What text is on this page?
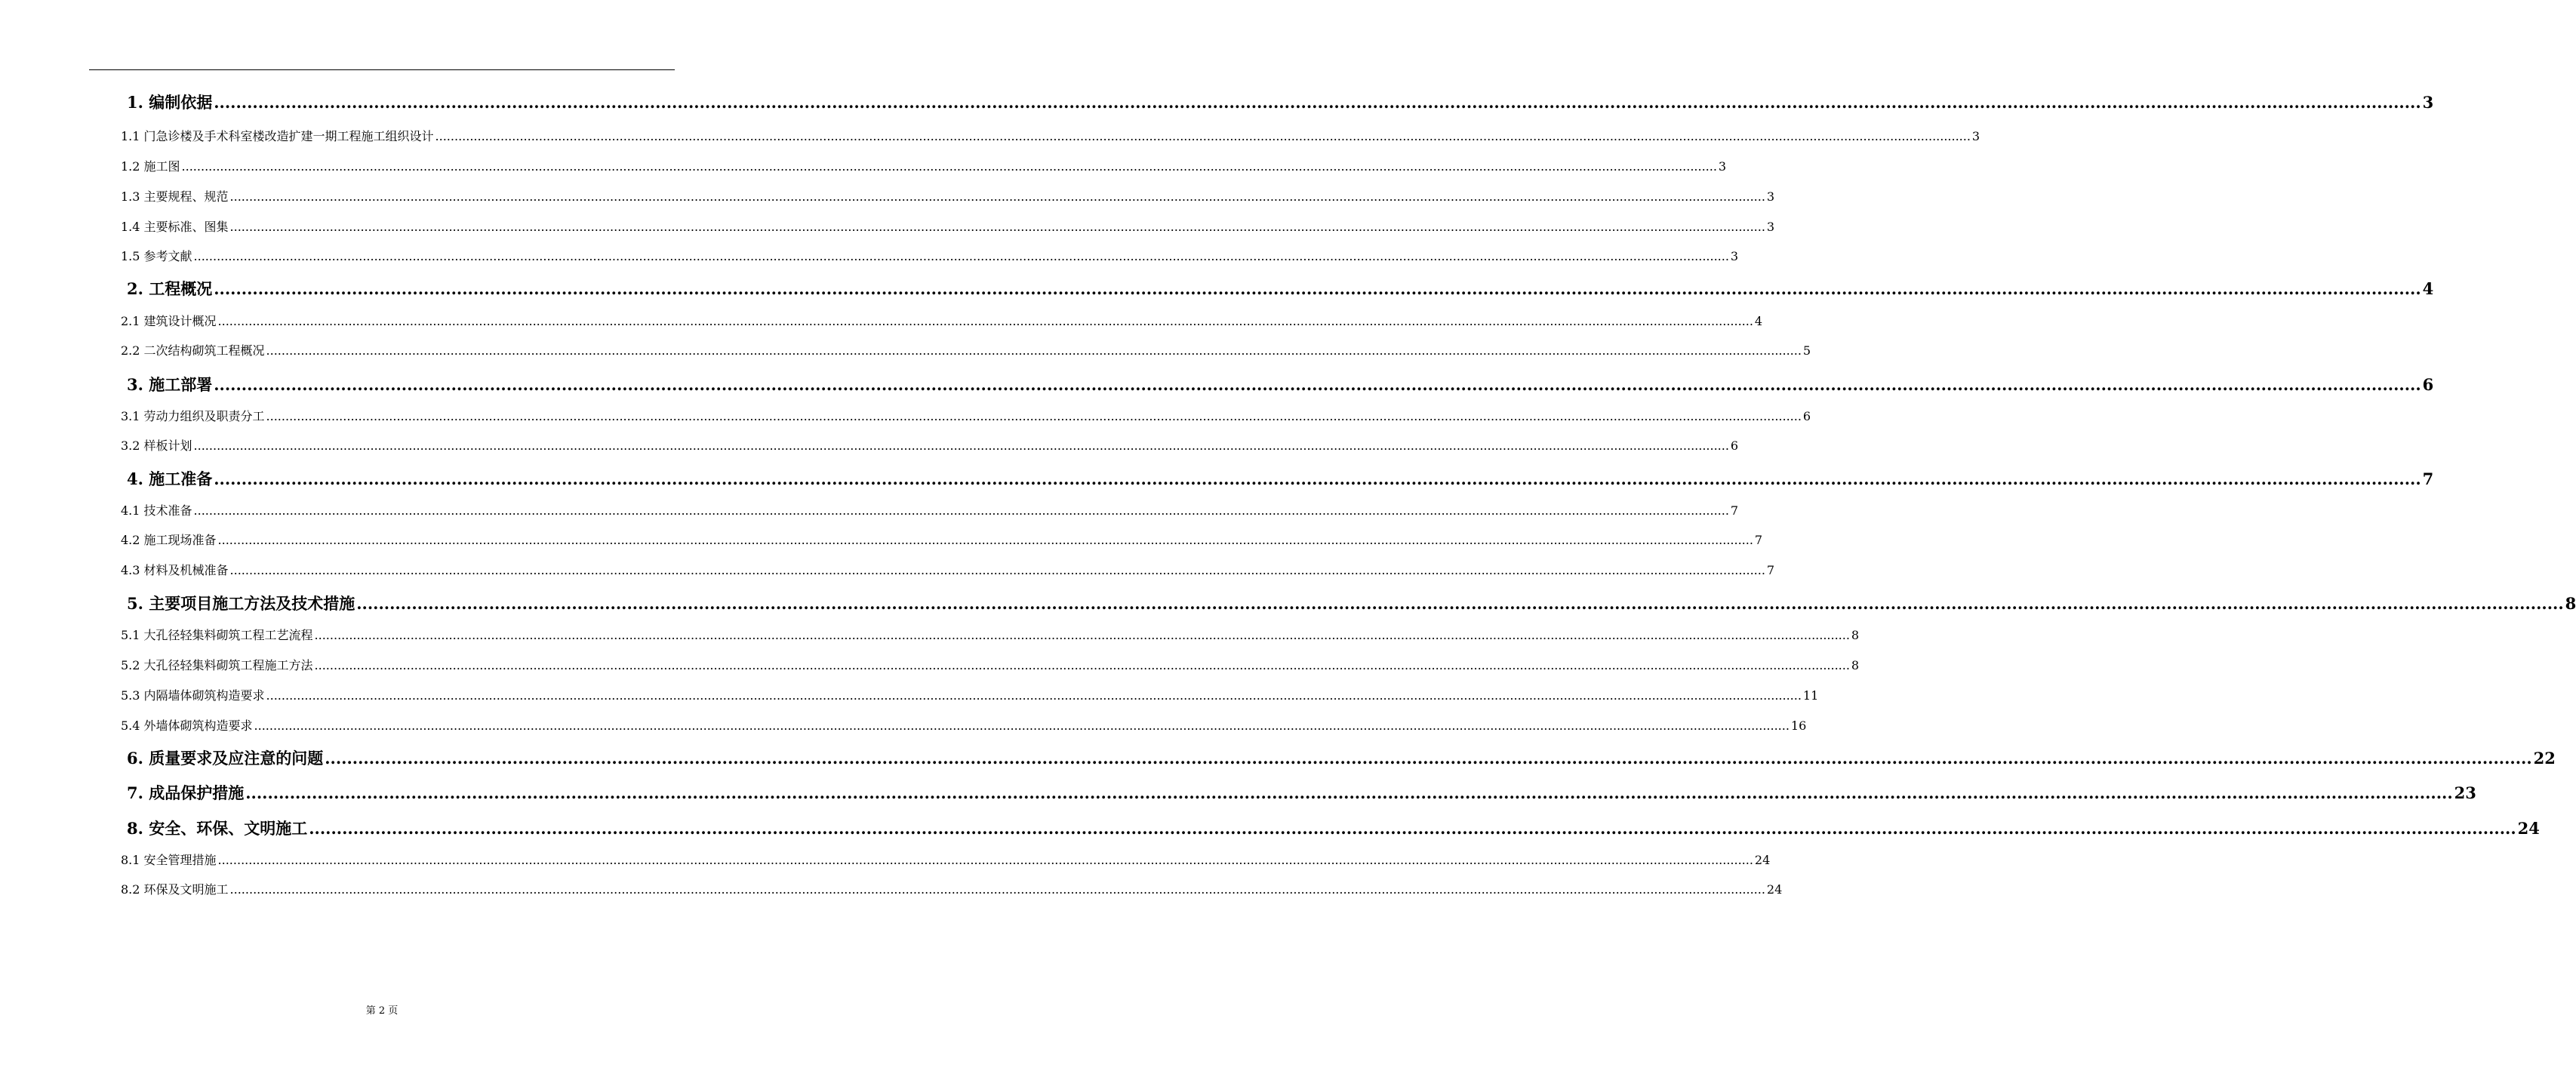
1. 编制依据 ................................................................................................................................................................................................................................................................................................................................................................................................................ 3
1.1 门急诊楼及手术科室楼改造扩建一期工程施工组织设计 ................................................................................................................................................................................................................................................................................................................................................................................................................ 3
1.2 施工图 ................................................................................................................................................................................................................................................................................................................................................................................................................ 3
1.3 主要规程、规范 ................................................................................................................................................................................................................................................................................................................................................................................................................ 3
1.4 主要标准、图集 ................................................................................................................................................................................................................................................................................................................................................................................................................ 3
1.5 参考文献 ................................................................................................................................................................................................................................................................................................................................................................................................................ 3
2. 工程概况 ................................................................................................................................................................................................................................................................................................................................................................................................................ 4
2.1 建筑设计概况 ................................................................................................................................................................................................................................................................................................................................................................................................................ 4
2.2 二次结构砌筑工程概况 ................................................................................................................................................................................................................................................................................................................................................................................................................ 5
3. 施工部署 ................................................................................................................................................................................................................................................................................................................................................................................................................ 6
3.1 劳动力组织及职责分工 ................................................................................................................................................................................................................................................................................................................................................................................................................ 6
3.2 样板计划 ................................................................................................................................................................................................................................................................................................................................................................................................................ 6
4. 施工准备 ................................................................................................................................................................................................................................................................................................................................................................................................................ 7
4.1 技术准备 ................................................................................................................................................................................................................................................................................................................................................................................................................ 7
4.2 施工现场准备 ................................................................................................................................................................................................................................................................................................................................................................................................................ 7
4.3 材料及机械准备 ................................................................................................................................................................................................................................................................................................................................................................................................................ 7
5. 主要项目施工方法及技术措施 ................................................................................................................................................................................................................................................................................................................................................................................................................ 8
5.1 大孔径轻集料砌筑工程工艺流程 ................................................................................................................................................................................................................................................................................................................................................................................................................ 8
5.2 大孔径轻集料砌筑工程施工方法 ................................................................................................................................................................................................................................................................................................................................................................................................................ 8
5.3 内隔墙体砌筑构造要求 ................................................................................................................................................................................................................................................................................................................................................................................................................ 11
5.4 外墙体砌筑构造要求 ................................................................................................................................................................................................................................................................................................................................................................................................................ 16
6. 质量要求及应注意的问题 ................................................................................................................................................................................................................................................................................................................................................................................................................ 22
7. 成品保护措施 ................................................................................................................................................................................................................................................................................................................................................................................................................ 23
8. 安全、环保、文明施工 ................................................................................................................................................................................................................................................................................................................................................................................................................ 24
8.1 安全管理措施 ................................................................................................................................................................................................................................................................................................................................................................................................................ 24
8.2 环保及文明施工 ................................................................................................................................................................................................................................................................................................................................................................................................................ 24
第 2 页
